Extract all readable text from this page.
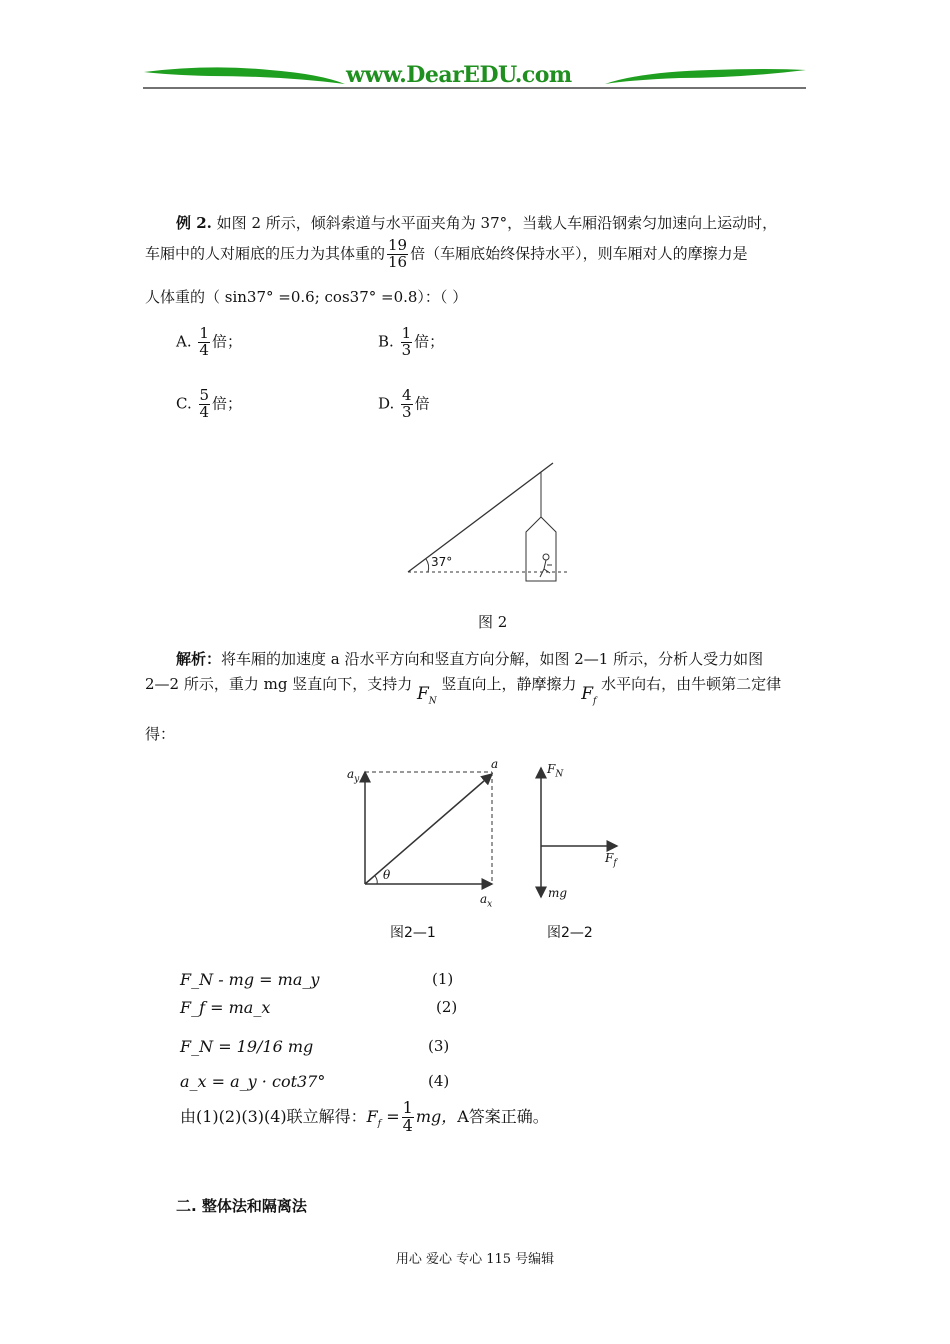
www.DearEDU.com
例 2. 如图 2 所示，倾斜索道与水平面夹角为 37°，当载人车厢沿钢索匀加速向上运动时，
车厢中的人对厢底的压力为其体重的 $\frac{19}{16}$ 倍（车厢底始终保持水平），则车厢对人的摩擦力是
人体重的（ sin37° =0.6; cos37° =0.8）：（ ）
A. $\frac{1}{4}$ 倍；	B. $\frac{1}{3}$ 倍；
C. $\frac{5}{4}$ 倍；	D. $\frac{4}{3}$ 倍
37°
图 2
解析：将车厢的加速度 a 沿水平方向和竖直方向分解，如图 2—1 所示，分析人受力如图
2—2 所示，重力 mg 竖直向下，支持力 $F_N$ 竖直向上，静摩擦力 $F_f$ 水平向右，由牛顿第二定律
得：
a
$a_y$
$a_x$
θ
$F_N$
$F_f$
mg
图2—1	图2—2
F_N - mg = ma_y	(1)
F_f = ma_x	(2)
F_N = 19/16 mg	(3)
a_x = a_y · cot37°	(4)
由(1)(2)(3)(4)联立解得：$F_f = \frac{1}{4}$ mg，A答案正确。
二. 整体法和隔离法
用心 爱心 专心 115 号编辑
